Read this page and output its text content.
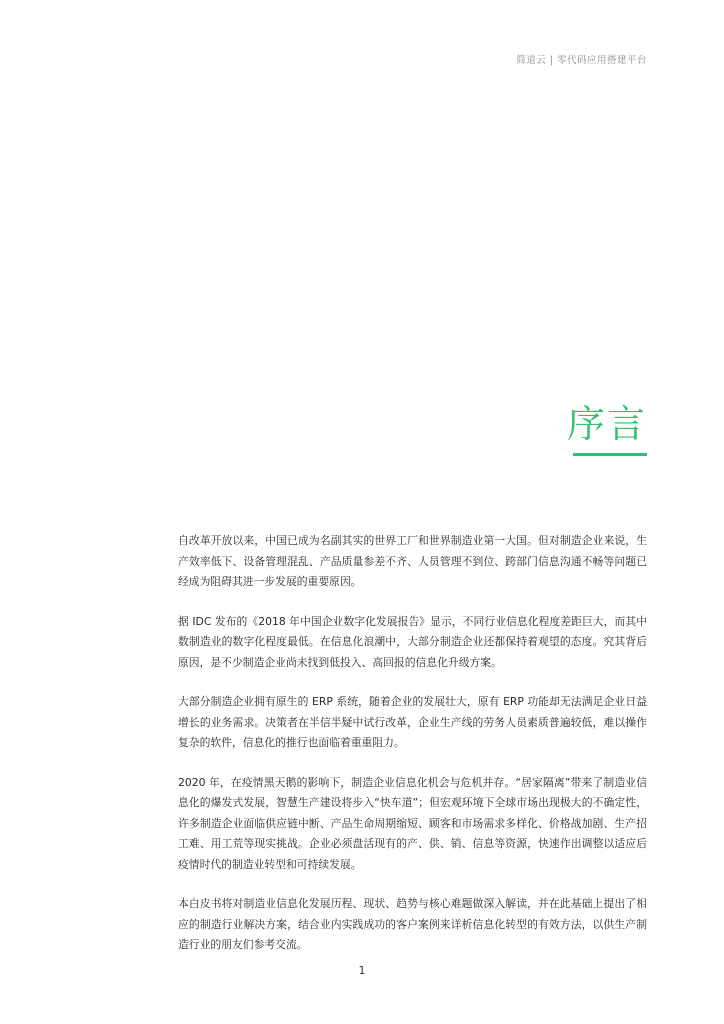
简道云 | 零代码应用搭建平台
序言

自改革开放以来，中国已成为名副其实的世界工厂和世界制造业第一大国。但对制造企业来说，生产效率低下、设备管理混乱、产品质量参差不齐、人员管理不到位、跨部门信息沟通不畅等问题已经成为阻碍其进一步发展的重要原因。

据 IDC 发布的《2018 年中国企业数字化发展报告》显示，不同行业信息化程度差距巨大，而其中数制造业的数字化程度最低。在信息化浪潮中，大部分制造企业还都保持着观望的态度。究其背后原因，是不少制造企业尚未找到低投入、高回报的信息化升级方案。

大部分制造企业拥有原生的 ERP 系统，随着企业的发展壮大，原有 ERP 功能却无法满足企业日益增长的业务需求。决策者在半信半疑中试行改革，企业生产线的劳务人员素质普遍较低，难以操作复杂的软件，信息化的推行也面临着重重阻力。

2020 年，在疫情黑天鹅的影响下，制造企业信息化机会与危机并存。“居家隔离”带来了制造业信息化的爆发式发展，智慧生产建设将步入“快车道”；但宏观环境下全球市场出现极大的不确定性，许多制造企业面临供应链中断、产品生命周期缩短、顾客和市场需求多样化、价格战加剧、生产招工难、用工荒等现实挑战。企业必须盘活现有的产、供、销、信息等资源，快速作出调整以适应后疫情时代的制造业转型和可持续发展。

本白皮书将对制造业信息化发展历程、现状、趋势与核心难题做深入解读，并在此基础上提出了相应的制造行业解决方案，结合业内实践成功的客户案例来详析信息化转型的有效方法，以供生产制造行业的朋友们参考交流。

1
